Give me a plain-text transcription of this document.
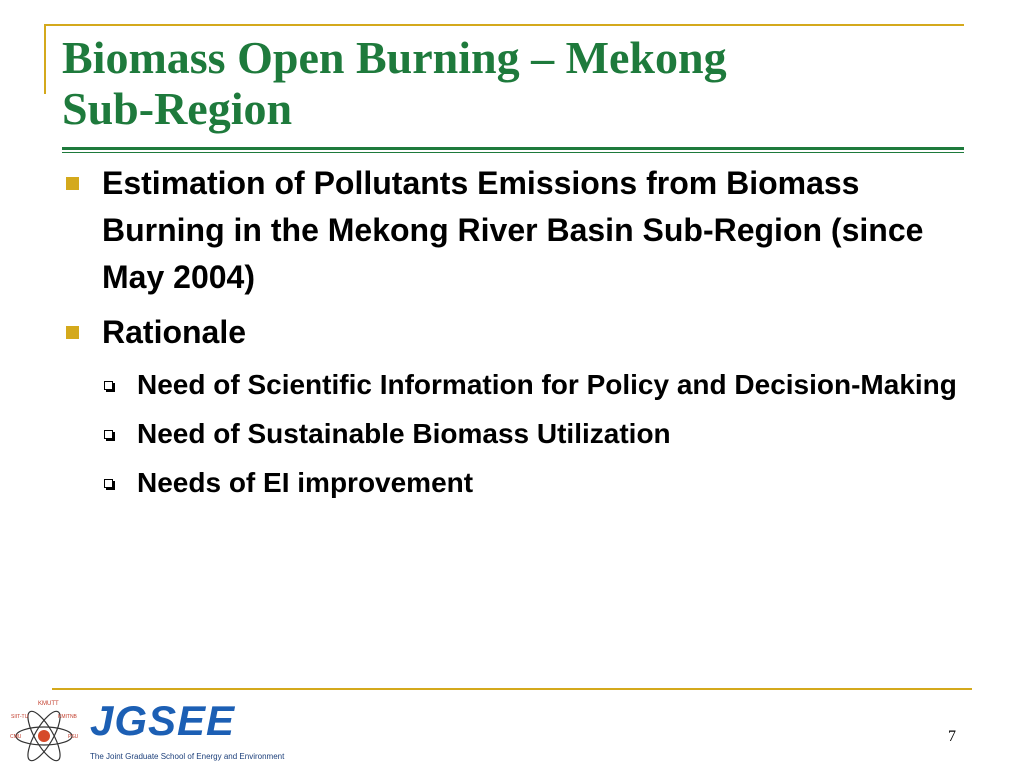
Biomass Open Burning – Mekong
Sub-Region
Estimation of Pollutants Emissions from Biomass Burning in the Mekong River Basin Sub-Region (since May 2004)
Rationale
Need of Scientific Information for Policy and Decision-Making
Need of Sustainable Biomass Utilization
Needs of EI improvement
KMUTT
SIIT-TU	KMITNB
CMU	PSU JGSEE
The Joint Graduate School of Energy and Environment
7
